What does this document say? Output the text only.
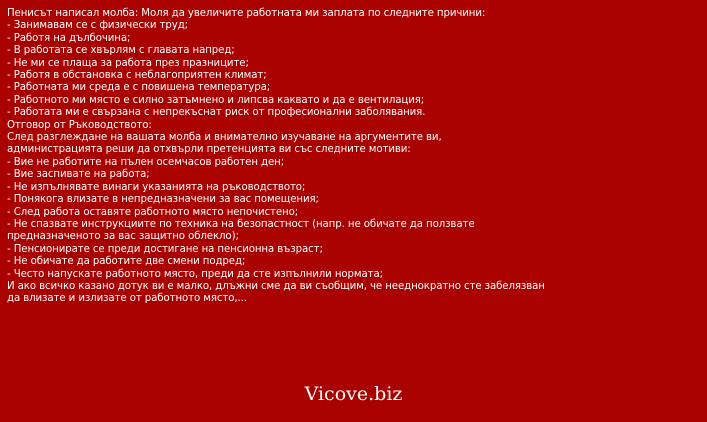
Пенисът написал молба: Моля да увеличите работната ми заплата по следните причини:
- Занимавам се с физически труд;
- Работя на дълбочина;
- В работата се хвърлям с главата напред;
- Не ми се плаща за работа през празниците;
- Работя в обстановка с неблагоприятен климат;
- Работната ми среда е с повишена температура;
- Работното ми място е силно затъмнено и липсва каквато и да е вентилация;
- Работата ми е свързана с непрекъснат риск от професионални заболявания.
Отговор от Ръководството:
След разглеждане на вашата молба и внимателно изучаване на аргументите ви,
администрацията реши да отхвърли претенцията ви със следните мотиви:
- Вие не работите на пълен осемчасов работен ден;
- Вие заспивате на работа;
- Не изпълнявате винаги указанията на ръководството;
- Понякога влизате в непредназначени за вас помещения;
- След работа оставяте работното място непочистено;
- Не спазвате инструкциите по техника на безопастност (напр. не обичате да ползвате
предназначеното за вас защитно облекло);
- Пенсионирате се преди достигане на пенсионна възраст;
- Не обичате да работите две смени подред;
- Често напускате работното място, преди да сте изпълнили нормата;
И ако всичко казано дотук ви е малко, длъжни сме да ви съобщим, че нееднократно сте забелязван
да влизате и излизате от работното място,...
Vicove.biz
